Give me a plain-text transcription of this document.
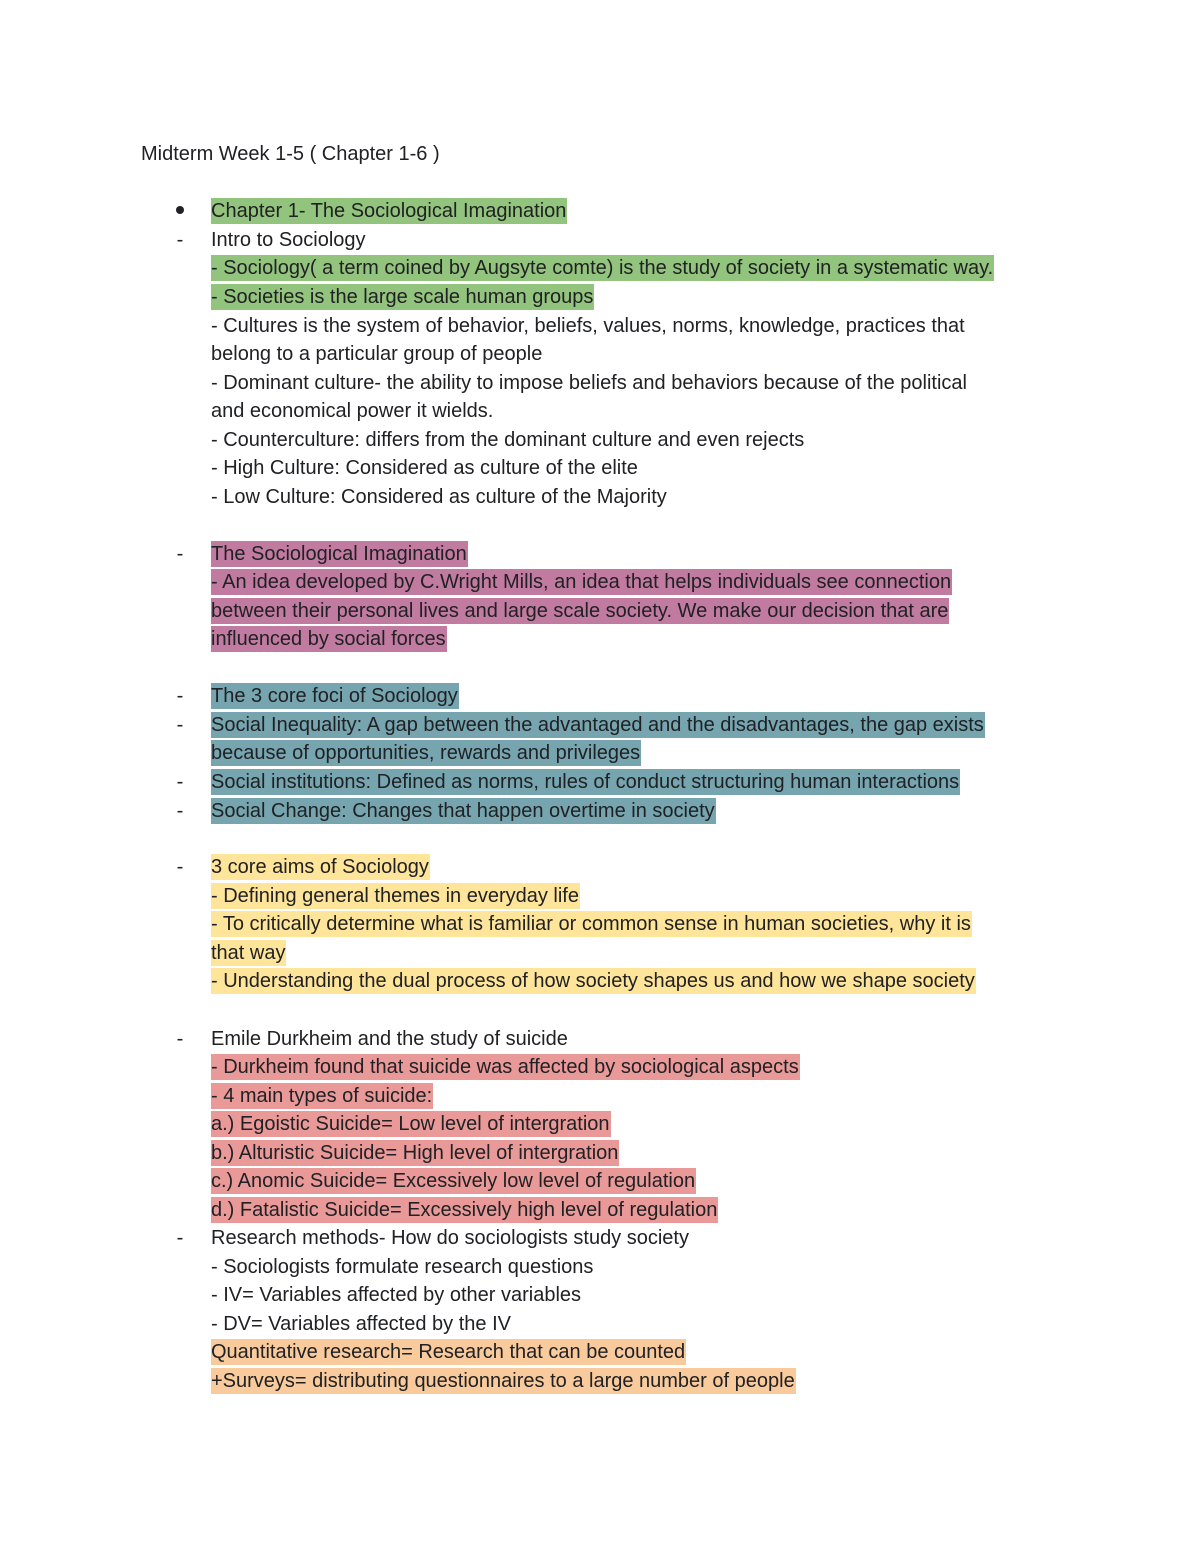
Midterm Week 1-5 ( Chapter 1-6 )
Chapter 1- The Sociological Imagination
-	Intro to Sociology
- Sociology( a term coined by Augsyte comte) is the study of society in a systematic way.
- Societies is the large scale human groups
- Cultures is the system of behavior, beliefs, values, norms, knowledge, practices that
belong to a particular group of people
- Dominant culture- the ability to impose beliefs and behaviors because of the political
and economical power it wields.
- Counterculture: differs from the dominant culture and even rejects
- High Culture: Considered as culture of the elite
- Low Culture: Considered as culture of the Majority
-	The Sociological Imagination
- An idea developed by C.Wright Mills, an idea that helps individuals see connection
between their personal lives and large scale society. We make our decision that are
influenced by social forces
-	The 3 core foci of Sociology
-	Social Inequality: A gap between the advantaged and the disadvantages, the gap exists
because of opportunities, rewards and privileges
-	Social institutions: Defined as norms, rules of conduct structuring human interactions
-	Social Change: Changes that happen overtime in society
-	3 core aims of Sociology
- Defining general themes in everyday life
- To critically determine what is familiar or common sense in human societies, why it is
that way
- Understanding the dual process of how society shapes us and how we shape society
-	Emile Durkheim and the study of suicide
- Durkheim found that suicide was affected by sociological aspects
- 4 main types of suicide:
a.) Egoistic Suicide= Low level of intergration
b.) Alturistic Suicide= High level of intergration
c.) Anomic Suicide= Excessively low level of regulation
d.) Fatalistic Suicide= Excessively high level of regulation
-	Research methods- How do sociologists study society
- Sociologists formulate research questions
- IV= Variables affected by other variables
- DV= Variables affected by the IV
Quantitative research= Research that can be counted
+Surveys= distributing questionnaires to a large number of people
